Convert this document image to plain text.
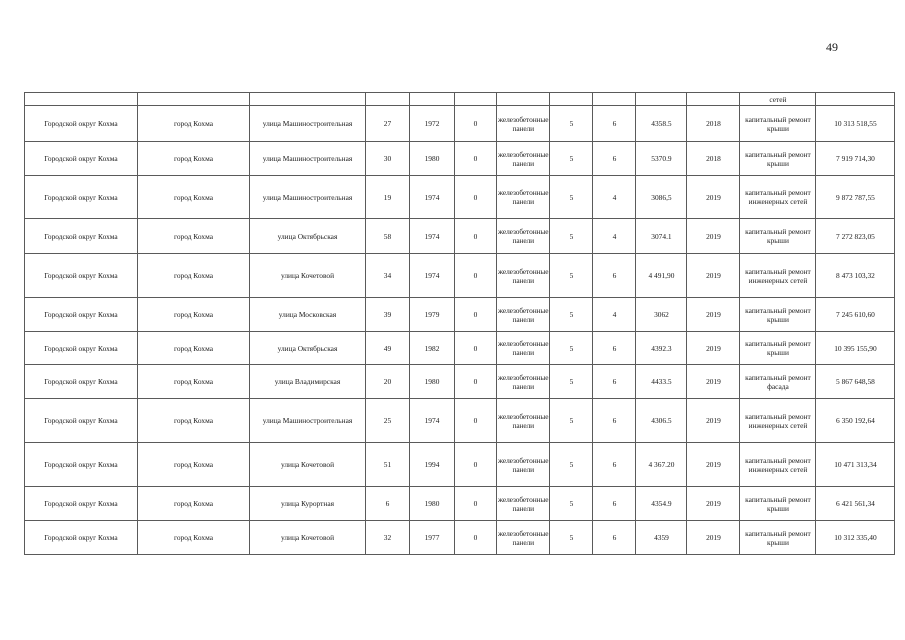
49
											сетей	
Городской округ Кохма	город Кохма	улица Машиностроительная	27	1972	0	железобетонные панели	5	6	4358.5	2018	капитальный ремонт крыши	10 313 518,55
Городской округ Кохма	город Кохма	улица Машиностроительная	30	1980	0	железобетонные панели	5	6	5370.9	2018	капитальный ремонт крыши	7 919 714,30
Городской округ Кохма	город Кохма	улица Машиностроительная	19	1974	0	железобетонные панели	5	4	3086,5	2019	капитальный ремонт инженерных сетей	9 872 787,55
Городской округ Кохма	город Кохма	улица Октябрьская	58	1974	0	железобетонные панели	5	4	3074.1	2019	капитальный ремонт крыши	7 272 823,05
Городской округ Кохма	город Кохма	улица Кочетовой	34	1974	0	железобетонные панели	5	6	4 491,90	2019	капитальный ремонт инженерных сетей	8 473 103,32
Городской округ Кохма	город Кохма	улица Московская	39	1979	0	железобетонные панели	5	4	3062	2019	капитальный ремонт крыши	7 245 610,60
Городской округ Кохма	город Кохма	улица Октябрьская	49	1982	0	железобетонные панели	5	6	4392.3	2019	капитальный ремонт крыши	10 395 155,90
Городской округ Кохма	город Кохма	улица Владимирская	20	1980	0	железобетонные панели	5	6	4433.5	2019	капитальный ремонт фасада	5 867 648,58
Городской округ Кохма	город Кохма	улица Машиностроительная	25	1974	0	железобетонные панели	5	6	4306.5	2019	капитальный ремонт инженерных сетей	6 350 192,64
Городской округ Кохма	город Кохма	улица Кочетовой	51	1994	0	железобетонные панели	5	6	4 367.20	2019	капитальный ремонт инженерных сетей	10 471 313,34
Городской округ Кохма	город Кохма	улица Курортная	6	1980	0	железобетонные панели	5	6	4354.9	2019	капитальный ремонт крыши	6 421 561,34
Городской округ Кохма	город Кохма	улица Кочетовой	32	1977	0	железобетонные панели	5	6	4359	2019	капитальный ремонт крыши	10 312 335,40
